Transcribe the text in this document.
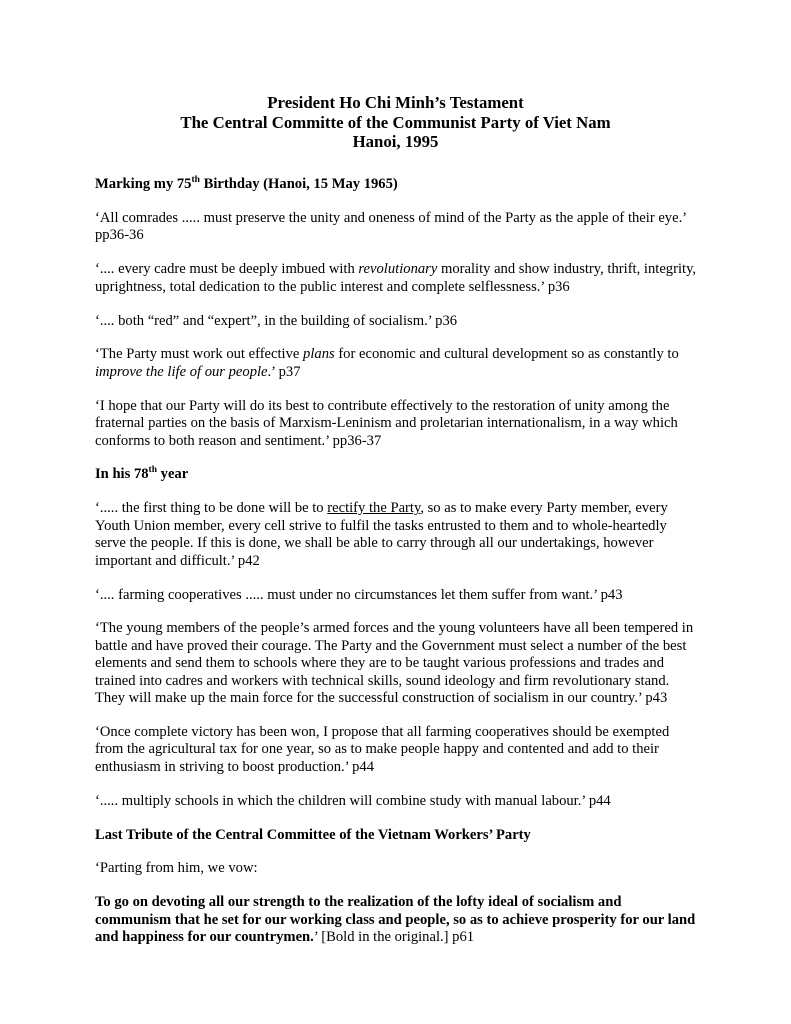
President Ho Chi Minh’s Testament
The Central Committe of the Communist Party of Viet Nam
Hanoi, 1995
Marking my 75th Birthday (Hanoi, 15 May 1965)
‘All comrades ..... must preserve the unity and oneness of mind of the Party as the apple of their eye.’ pp36-36
‘.... every cadre must be deeply imbued with revolutionary morality and show industry, thrift, integrity, uprightness, total dedication to the public interest and complete selflessness.’ p36
‘.... both “red” and “expert”, in the building of socialism.’ p36
‘The Party must work out effective plans for economic and cultural development so as constantly to improve the life of our people.’ p37
‘I hope that our Party will do its best to contribute effectively to the restoration of unity among the fraternal parties on the basis of Marxism-Leninism and proletarian internationalism, in a way which conforms to both reason and sentiment.’ pp36-37
In his 78th year
‘..... the first thing to be done will be to rectify the Party, so as to make every Party member, every Youth Union member, every cell strive to fulfil the tasks entrusted to them and to whole-heartedly serve the people. If this is done, we shall be able to carry through all our undertakings, however important and difficult.’ p42
‘.... farming cooperatives ..... must under no circumstances let them suffer from want.’ p43
‘The young members of the people’s armed forces and the young volunteers have all been tempered in battle and have proved their courage. The Party and the Government must select a number of the best elements and send them to schools where they are to be taught various professions and trades and trained into cadres and workers with technical skills, sound ideology and firm revolutionary stand. They will make up the main force for the successful construction of socialism in our country.’ p43
‘Once complete victory has been won, I propose that all farming cooperatives should be exempted from the agricultural tax for one year, so as to make people happy and contented and add to their enthusiasm in striving to boost production.’ p44
‘..... multiply schools in which the children will combine study with manual labour.’ p44
Last Tribute of the Central Committee of the Vietnam Workers’ Party
‘Parting from him, we vow:
To go on devoting all our strength to the realization of the lofty ideal of socialism and communism that he set for our working class and people, so as to achieve prosperity for our land and happiness for our countrymen.’ [Bold in the original.] p61
